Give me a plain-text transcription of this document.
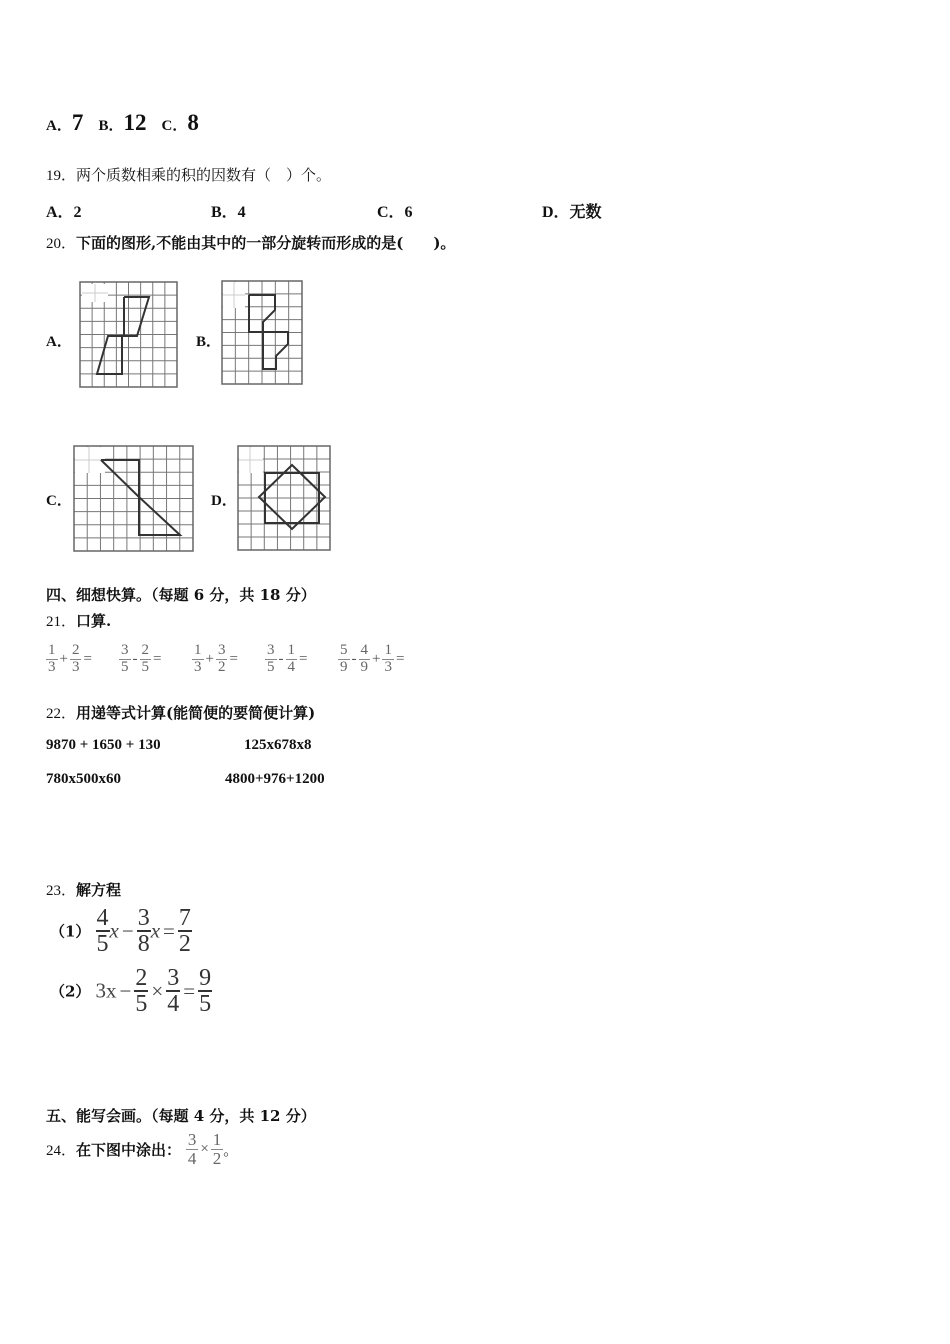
A．7 B．12 C．8
19．两个质数相乘的积的因数有（　）个。
A．2	B．4	C．6	D．无数
20．下面的图形,不能由其中的一部分旋转而形成的是(　　)。
A．	B．
C．	D．
四、细想快算。（每题 6 分，共 18 分）
21．口算.
$\frac{1}{3} + \frac{2}{3} = \frac{3}{5} - \frac{2}{5} = \frac{1}{3} + \frac{3}{2} = \frac{3}{5} - \frac{1}{4} = \frac{5}{9} - \frac{4}{9} + \frac{1}{3}$ =
22．用递等式计算(能简便的要简便计算)
9870 + 1650 + 130	125x678x8
780x500x60	4800+976+1200
23．解方程
$(1) \frac{4}{5}$ $x - \frac{3}{8}$ $x = \frac{7}{2}$
（2） $3x - \frac{2}{5} \times \frac{3}{4} = \frac{9}{5}$
五、能写会画。（每题 4 分，共 12 分）
24．在下图中涂出： $\frac{3}{4} \times \frac{1}{2}$ 。
